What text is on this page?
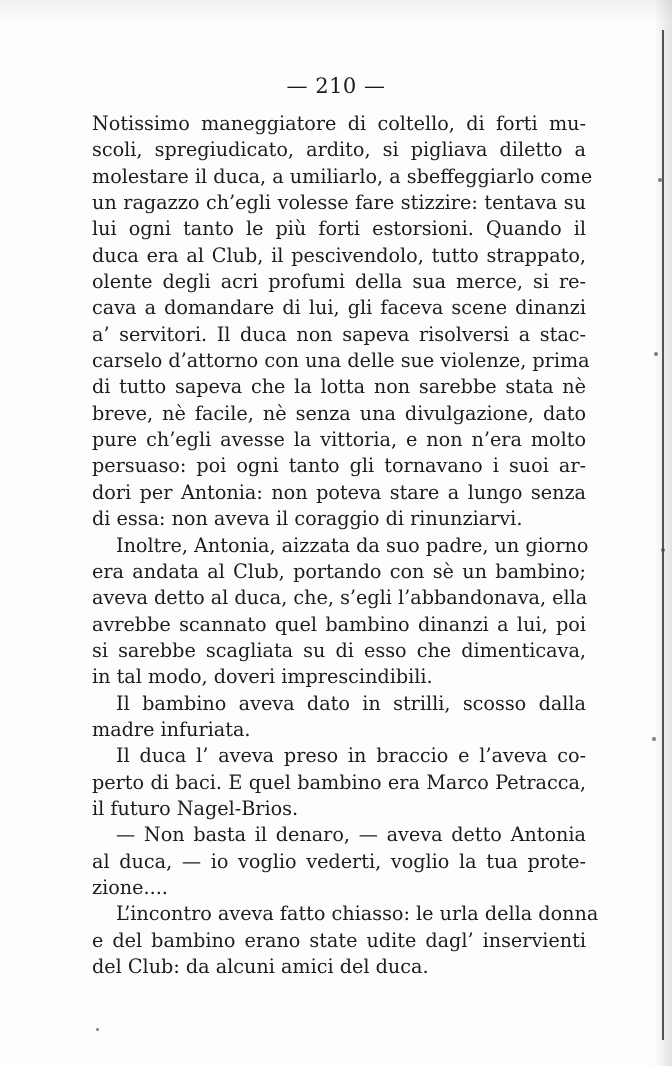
— 210 —
Notissimo maneggiatore di coltello, di forti mu-
scoli, spregiudicato, ardito, si pigliava diletto a
molestare il duca, a umiliarlo, a sbeffeggiarlo come
un ragazzo ch’egli volesse fare stizzire: tentava su
lui ogni tanto le più forti estorsioni. Quando il
duca era al Club, il pescivendolo, tutto strappato,
olente degli acri profumi della sua merce, si re-
cava a domandare di lui, gli faceva scene dinanzi
a’ servitori. Il duca non sapeva risolversi a stac-
carselo d’attorno con una delle sue violenze, prima
di tutto sapeva che la lotta non sarebbe stata nè
breve, nè facile, nè senza una divulgazione, dato
pure ch’egli avesse la vittoria, e non n’era molto
persuaso: poi ogni tanto gli tornavano i suoi ar-
dori per Antonia: non poteva stare a lungo senza
di essa: non aveva il coraggio di rinunziarvi.
Inoltre, Antonia, aizzata da suo padre, un giorno
era andata al Club, portando con sè un bambino;
aveva detto al duca, che, s’egli l’abbandonava, ella
avrebbe scannato quel bambino dinanzi a lui, poi
si sarebbe scagliata su di esso che dimenticava,
in tal modo, doveri imprescindibili.
Il bambino aveva dato in strilli, scosso dalla
madre infuriata.
Il duca l’ aveva preso in braccio e l’aveva co-
perto di baci. E quel bambino era Marco Petracca,
il futuro Nagel-Brios.
— Non basta il denaro, — aveva detto Antonia
al duca, — io voglio vederti, voglio la tua prote-
zione....
L’incontro aveva fatto chiasso: le urla della donna
e del bambino erano state udite dagl’ inservienti
del Club: da alcuni amici del duca.
